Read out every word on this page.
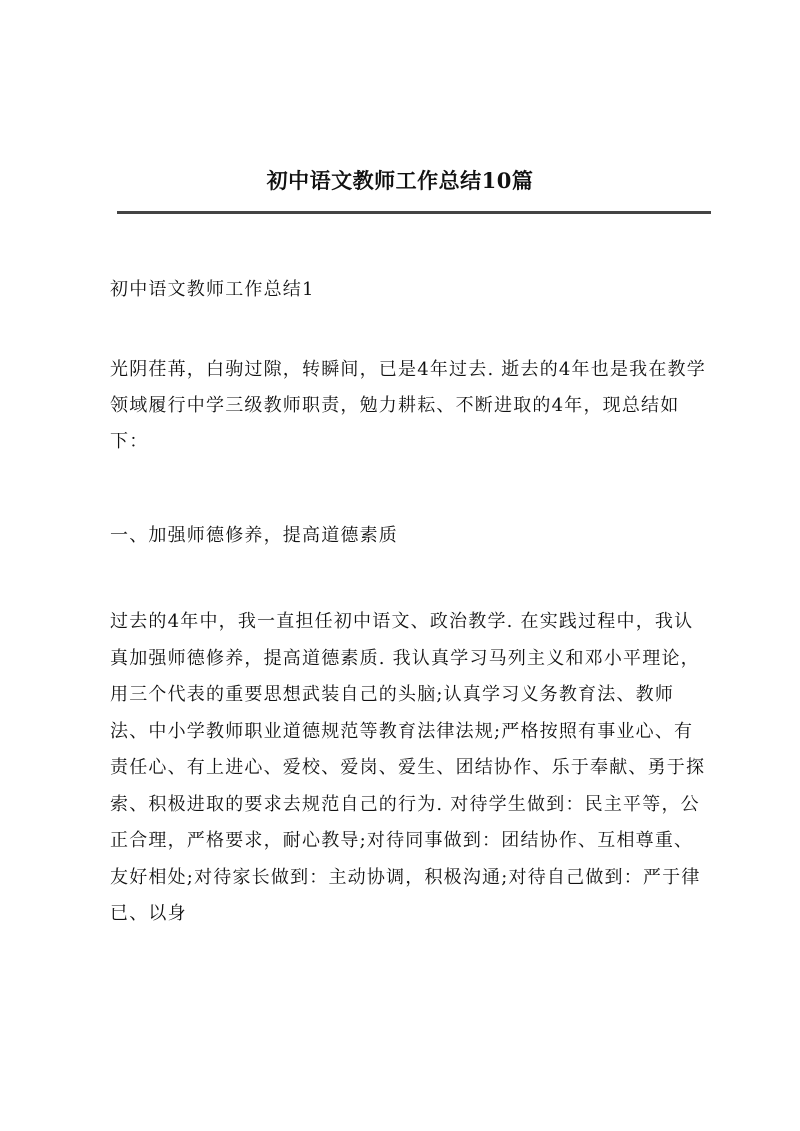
初中语文教师工作总结10篇

初中语文教师工作总结1

光阴荏苒，白驹过隙，转瞬间，已是4年过去. 逝去的4年也是我在教学领域履行中学三级教师职责，勉力耕耘、不断进取的4年，现总结如下：

一、加强师德修养，提高道德素质

过去的4年中，我一直担任初中语文、政治教学. 在实践过程中，我认真加强师德修养，提高道德素质. 我认真学习马列主义和邓小平理论，用三个代表的重要思想武装自己的头脑;认真学习义务教育法、教师法、中小学教师职业道德规范等教育法律法规;严格按照有事业心、有责任心、有上进心、爱校、爱岗、爱生、团结协作、乐于奉献、勇于探索、积极进取的要求去规范自己的行为. 对待学生做到：民主平等，公正合理，严格要求，耐心教导;对待同事做到：团结协作、互相尊重、友好相处;对待家长做到：主动协调，积极沟通;对待自己做到：严于律已、以身
